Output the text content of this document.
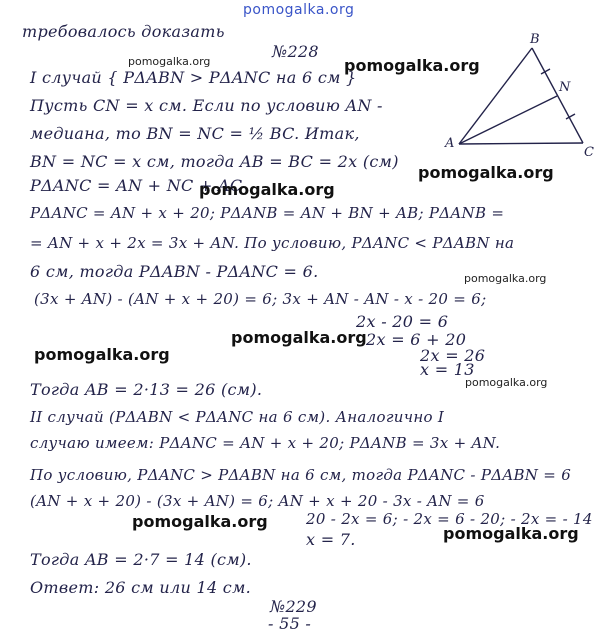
pomogalka.org
A
B
C
N
требовалось доказать
№228
I случай { PΔABN > PΔANC на 6 см }
Пусть CN = x см. Если по условию AN -
медиана, то BN = NC = ½ BC. Итак,
BN = NC = x см, тогда AB = BC = 2x (см)
PΔANC = AN + NC + AC
PΔANC = AN + x + 20; PΔANB = AN + BN + AB; PΔANB =
= AN + x + 2x = 3x + AN. По условию, PΔANC < PΔABN на
6 см, тогда PΔABN - PΔANC = 6.
(3x + AN) - (AN + x + 20) = 6; 3x + AN - AN - x - 20 = 6;
2x - 20 = 6
2x = 6 + 20
2x = 26
x = 13
Тогда AB = 2·13 = 26 (см).
II случай (PΔABN < PΔANC на 6 см). Аналогично I
случаю имеем: PΔANC = AN + x + 20; PΔANB = 3x + AN.
По условию, PΔANC > PΔABN на 6 см, тогда PΔANC - PΔABN = 6
(AN + x + 20) - (3x + AN) = 6; AN + x + 20 - 3x - AN = 6
20 - 2x = 6; - 2x = 6 - 20; - 2x = - 14
x = 7.
Тогда AB = 2·7 = 14 (см).
Ответ: 26 см или 14 см.
№229
- 55 -
pomogalka.org	pomogalka.org
pomogalka.org
pomogalka.org
pomogalka.org
pomogalka.org
pomogalka.org
pomogalka.org
pomogalka.org
pomogalka.org
